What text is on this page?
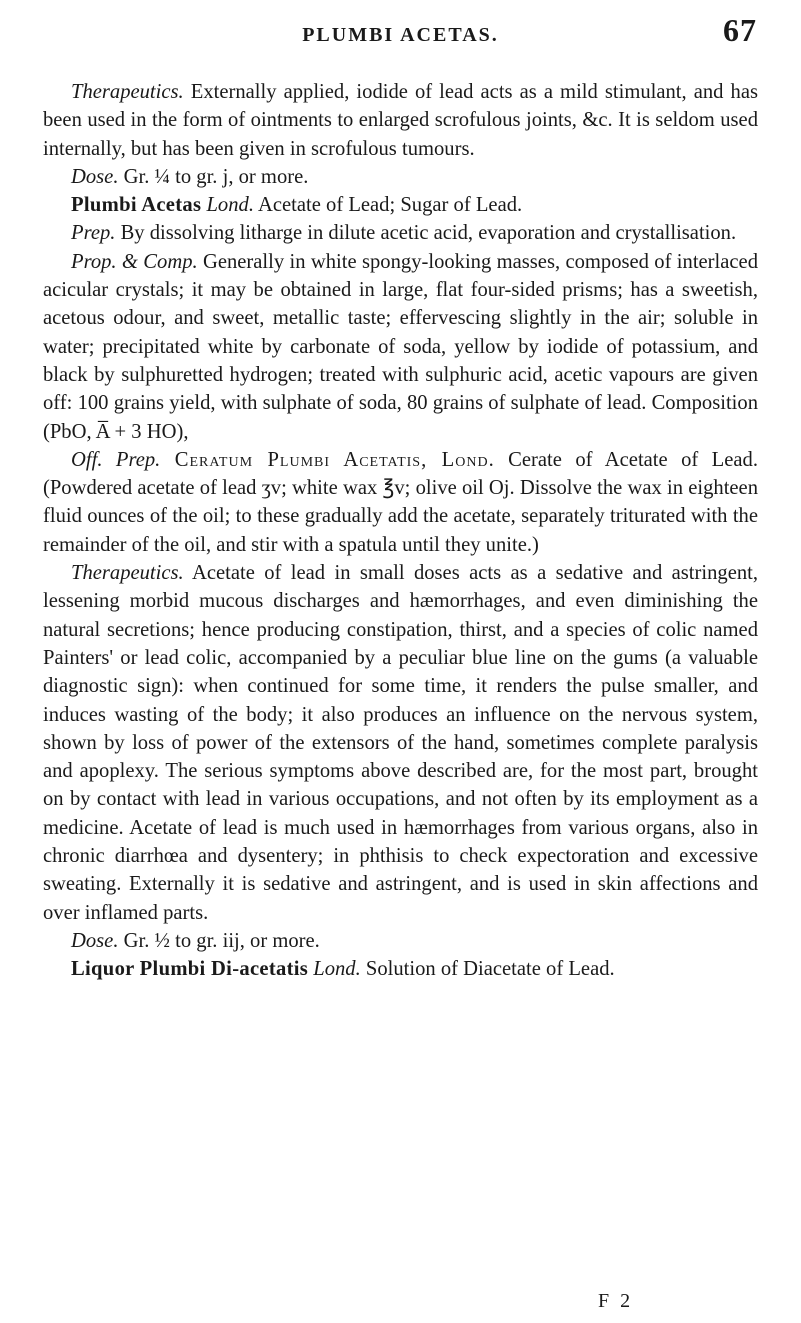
PLUMBI ACETAS.	67

Therapeutics. Externally applied, iodide of lead acts as a mild stimulant, and has been used in the form of ointments to enlarged scrofulous joints, &c. It is seldom used internally, but has been given in scrofulous tumours.

Dose. Gr. ¼ to gr. j, or more.

Plumbi Acetas Lond. Acetate of Lead; Sugar of Lead.

Prep. By dissolving litharge in dilute acetic acid, evaporation and crystallisation.

Prop. & Comp. Generally in white spongy-looking masses, composed of interlaced acicular crystals; it may be obtained in large, flat four-sided prisms; has a sweetish, acetous odour, and sweet, metallic taste; effervescing slightly in the air; soluble in water; precipitated white by carbonate of soda, yellow by iodide of potassium, and black by sulphuretted hydrogen; treated with sulphuric acid, acetic vapours are given off: 100 grains yield, with sulphate of soda, 80 grains of sulphate of lead. Composition (PbO, A̅ + 3 HO),

Off. Prep. Ceratum Plumbi Acetatis, Lond. Cerate of Acetate of Lead. (Powdered acetate of lead ʒv; white wax ℥v; olive oil Oj. Dissolve the wax in eighteen fluid ounces of the oil; to these gradually add the acetate, separately triturated with the remainder of the oil, and stir with a spatula until they unite.)

Therapeutics. Acetate of lead in small doses acts as a sedative and astringent, lessening morbid mucous discharges and hæmorrhages, and even diminishing the natural secretions; hence producing constipation, thirst, and a species of colic named Painters' or lead colic, accompanied by a peculiar blue line on the gums (a valuable diagnostic sign): when continued for some time, it renders the pulse smaller, and induces wasting of the body; it also produces an influence on the nervous system, shown by loss of power of the extensors of the hand, sometimes complete paralysis and apoplexy. The serious symptoms above described are, for the most part, brought on by contact with lead in various occupations, and not often by its employment as a medicine. Acetate of lead is much used in hæmorrhages from various organs, also in chronic diarrhœa and dysentery; in phthisis to check expectoration and excessive sweating. Externally it is sedative and astringent, and is used in skin affections and over inflamed parts.

Dose. Gr. ½ to gr. iij, or more.

Liquor Plumbi Di-acetatis Lond. Solution of Diacetate of Lead.

F 2
